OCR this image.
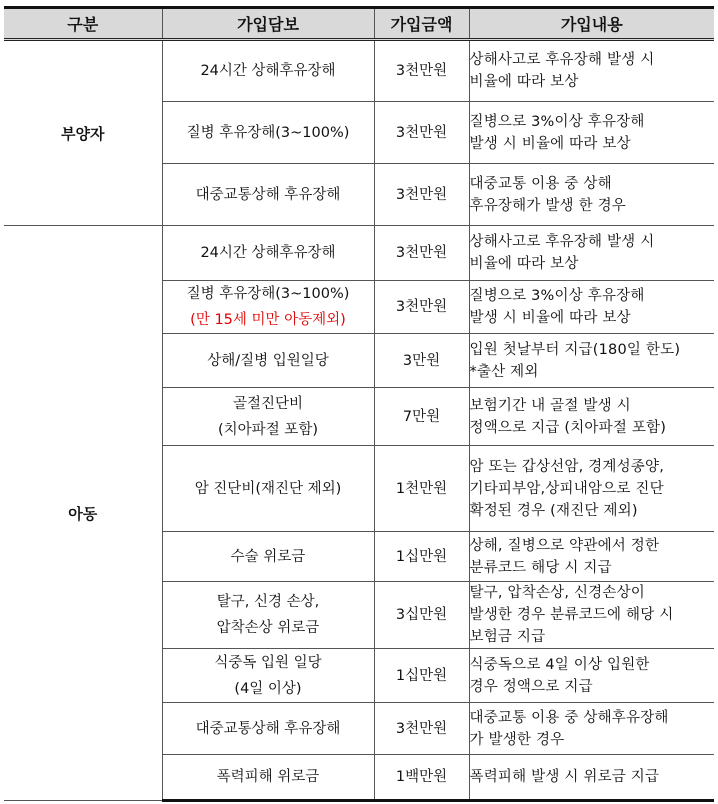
구분	가입담보	가입금액	가입내용
부양자	24시간 상해후유장해	3천만원	상해사고로 후유장해 발생 시
비율에 따라 보상

	질병 후유장해(3~100%)	3천만원	질병으로 3%이상 후유장해
발생 시 비율에 따라 보상

	대중교통상해 후유장해	3천만원	대중교통 이용 중 상해
후유장해가 발생 한 경우

아동	24시간 상해후유장해	3천만원	상해사고로 후유장해 발생 시
비율에 따라 보상

	질병 후유장해(3~100%)
(만 15세 미만 아동제외)	3천만원	질병으로 3%이상 후유장해
발생 시 비율에 따라 보상

	상해/질병 입원일당	3만원	입원 첫날부터 지급(180일 한도)
*출산 제외

	골절진단비
(치아파절 포함)	7만원	보험기간 내 골절 발생 시
정액으로 지급 (치아파절 포함)

	암 진단비(재진단 제외)	1천만원	암 또는 갑상선암, 경계성종양,
기타피부암,상피내암으로 진단
확정된 경우 (재진단 제외)

	수술 위로금	1십만원	상해, 질병으로 약관에서 정한
분류코드 해당 시 지급

	탈구, 신경 손상,
압착손상 위로금	3십만원	탈구, 압착손상, 신경손상이
발생한 경우 분류코드에 해당 시
보험금 지급

	식중독 입원 일당
(4일 이상)	1십만원	식중독으로 4일 이상 입원한
경우 정액으로 지급

	대중교통상해 후유장해	3천만원	대중교통 이용 중 상해후유장해
가 발생한 경우

	폭력피해 위로금	1백만원	폭력피해 발생 시 위로금 지급
